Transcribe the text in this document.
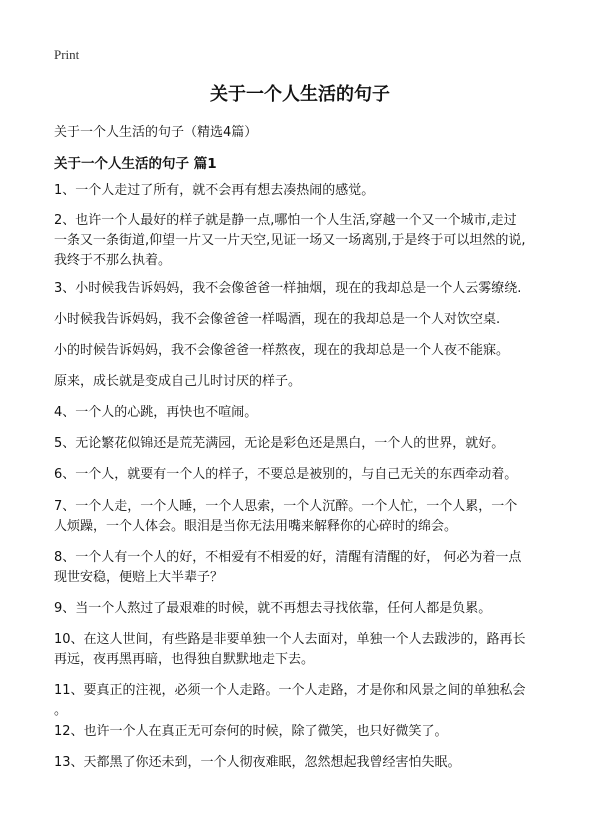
Print
关于一个人生活的句子
关于一个人生活的句子（精选4篇）
关于一个人生活的句子 篇1
1、一个人走过了所有，就不会再有想去凑热闹的感觉。
2、也许一个人最好的样子就是静一点,哪怕一个人生活,穿越一个又一个城市,走过
一条又一条街道,仰望一片又一片天空,见证一场又一场离别,于是终于可以坦然的说,
我终于不那么执着。
3、小时候我告诉妈妈，我不会像爸爸一样抽烟，现在的我却总是一个人云雾缭绕.
小时候我告诉妈妈，我不会像爸爸一样喝酒，现在的我却总是一个人对饮空桌.
小的时候告诉妈妈，我不会像爸爸一样熬夜，现在的我却总是一个人夜不能寐。
原来，成长就是变成自己儿时讨厌的样子。
4、一个人的心跳，再快也不喧闹。
5、无论繁花似锦还是荒芜满园，无论是彩色还是黑白，一个人的世界，就好。
6、一个人，就要有一个人的样子，不要总是被别的，与自己无关的东西牵动着。
7、一个人走，一个人睡，一个人思索，一个人沉醉。一个人忙，一个人累，一个
人烦躁，一个人体会。眼泪是当你无法用嘴来解释你的心碎时的绵会。
8、一个人有一个人的好，不相爱有不相爱的好，清醒有清醒的好， 何必为着一点
现世安稳，便赔上大半辈子？
9、当一个人熬过了最艰难的时候，就不再想去寻找依靠，任何人都是负累。
10、在这人世间，有些路是非要单独一个人去面对，单独一个人去跋涉的，路再长
再远，夜再黑再暗，也得独自默默地走下去。
11、要真正的注视，必须一个人走路。一个人走路，才是你和风景之间的单独私会
。
12、也许一个人在真正无可奈何的时候，除了微笑，也只好微笑了。
13、天都黑了你还未到，一个人彻夜难眠，忽然想起我曾经害怕失眠。
